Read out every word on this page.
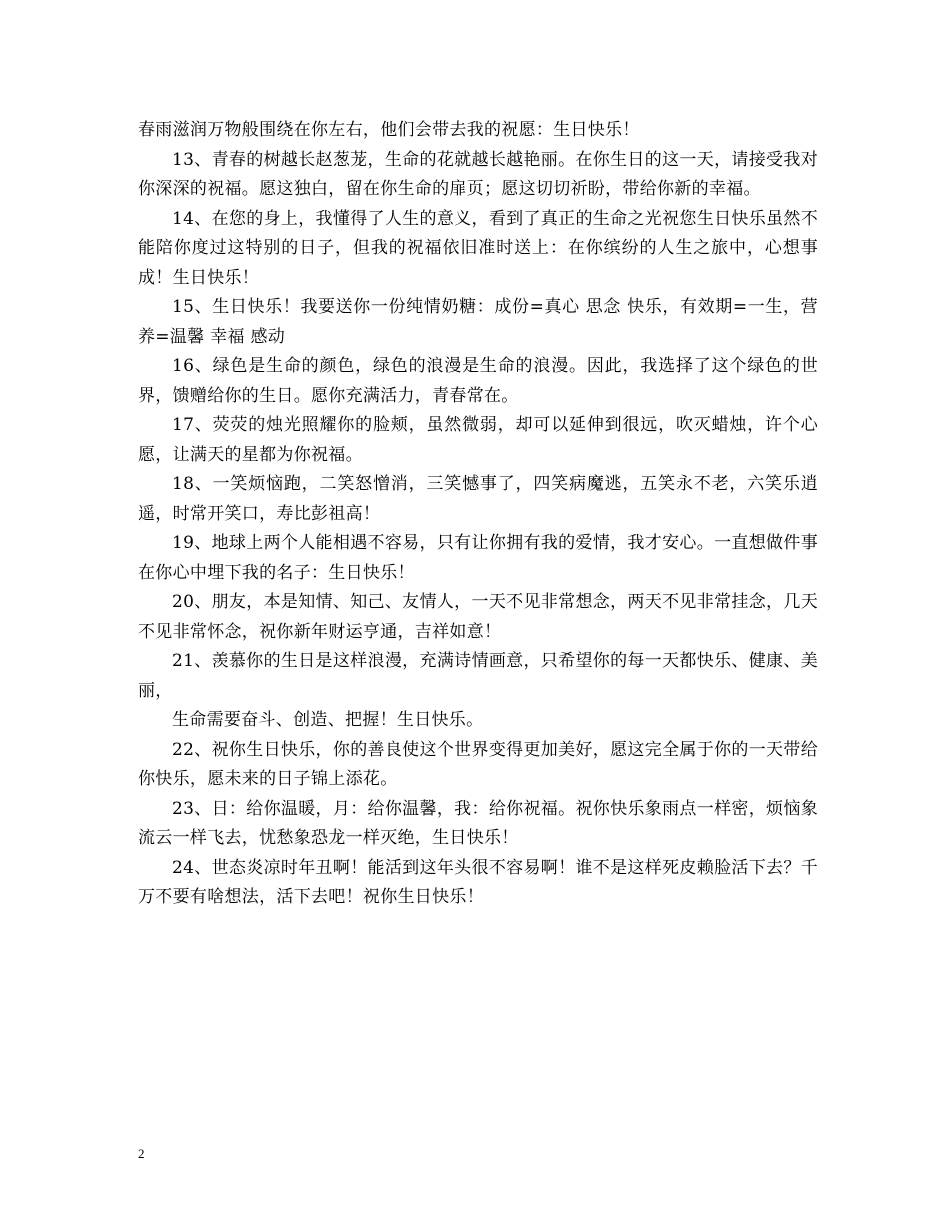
春雨滋润万物般围绕在你左右，他们会带去我的祝愿：生日快乐！

13、青春的树越长赵葱茏，生命的花就越长越艳丽。在你生日的这一天，请接受我对你深深的祝福。愿这独白，留在你生命的扉页；愿这切切祈盼，带给你新的幸福。

14、在您的身上，我懂得了人生的意义，看到了真正的生命之光祝您生日快乐虽然不能陪你度过这特别的日子，但我的祝福依旧准时送上：在你缤纷的人生之旅中，心想事成！生日快乐！

15、生日快乐！我要送你一份纯情奶糖：成份=真心 思念 快乐，有效期=一生，营养=温馨 幸福 感动

16、绿色是生命的颜色，绿色的浪漫是生命的浪漫。因此，我选择了这个绿色的世界，馈赠给你的生日。愿你充满活力，青春常在。

17、荧荧的烛光照耀你的脸颊，虽然微弱，却可以延伸到很远，吹灭蜡烛，许个心愿，让满天的星都为你祝福。

18、一笑烦恼跑，二笑怒憎消，三笑憾事了，四笑病魔逃，五笑永不老，六笑乐逍遥，时常开笑口，寿比彭祖高！

19、地球上两个人能相遇不容易，只有让你拥有我的爱情，我才安心。一直想做件事在你心中埋下我的名子：生日快乐！

20、朋友，本是知情、知己、友情人，一天不见非常想念，两天不见非常挂念，几天不见非常怀念，祝你新年财运亨通，吉祥如意！

21、羡慕你的生日是这样浪漫，充满诗情画意，只希望你的每一天都快乐、健康、美丽，

生命需要奋斗、创造、把握！生日快乐。

22、祝你生日快乐，你的善良使这个世界变得更加美好，愿这完全属于你的一天带给你快乐，愿未来的日子锦上添花。

23、日：给你温暖，月：给你温馨，我：给你祝福。祝你快乐象雨点一样密，烦恼象流云一样飞去，忧愁象恐龙一样灭绝，生日快乐！

24、世态炎凉时年丑啊！能活到这年头很不容易啊！谁不是这样死皮赖脸活下去？千万不要有啥想法，活下去吧！祝你生日快乐！

2
